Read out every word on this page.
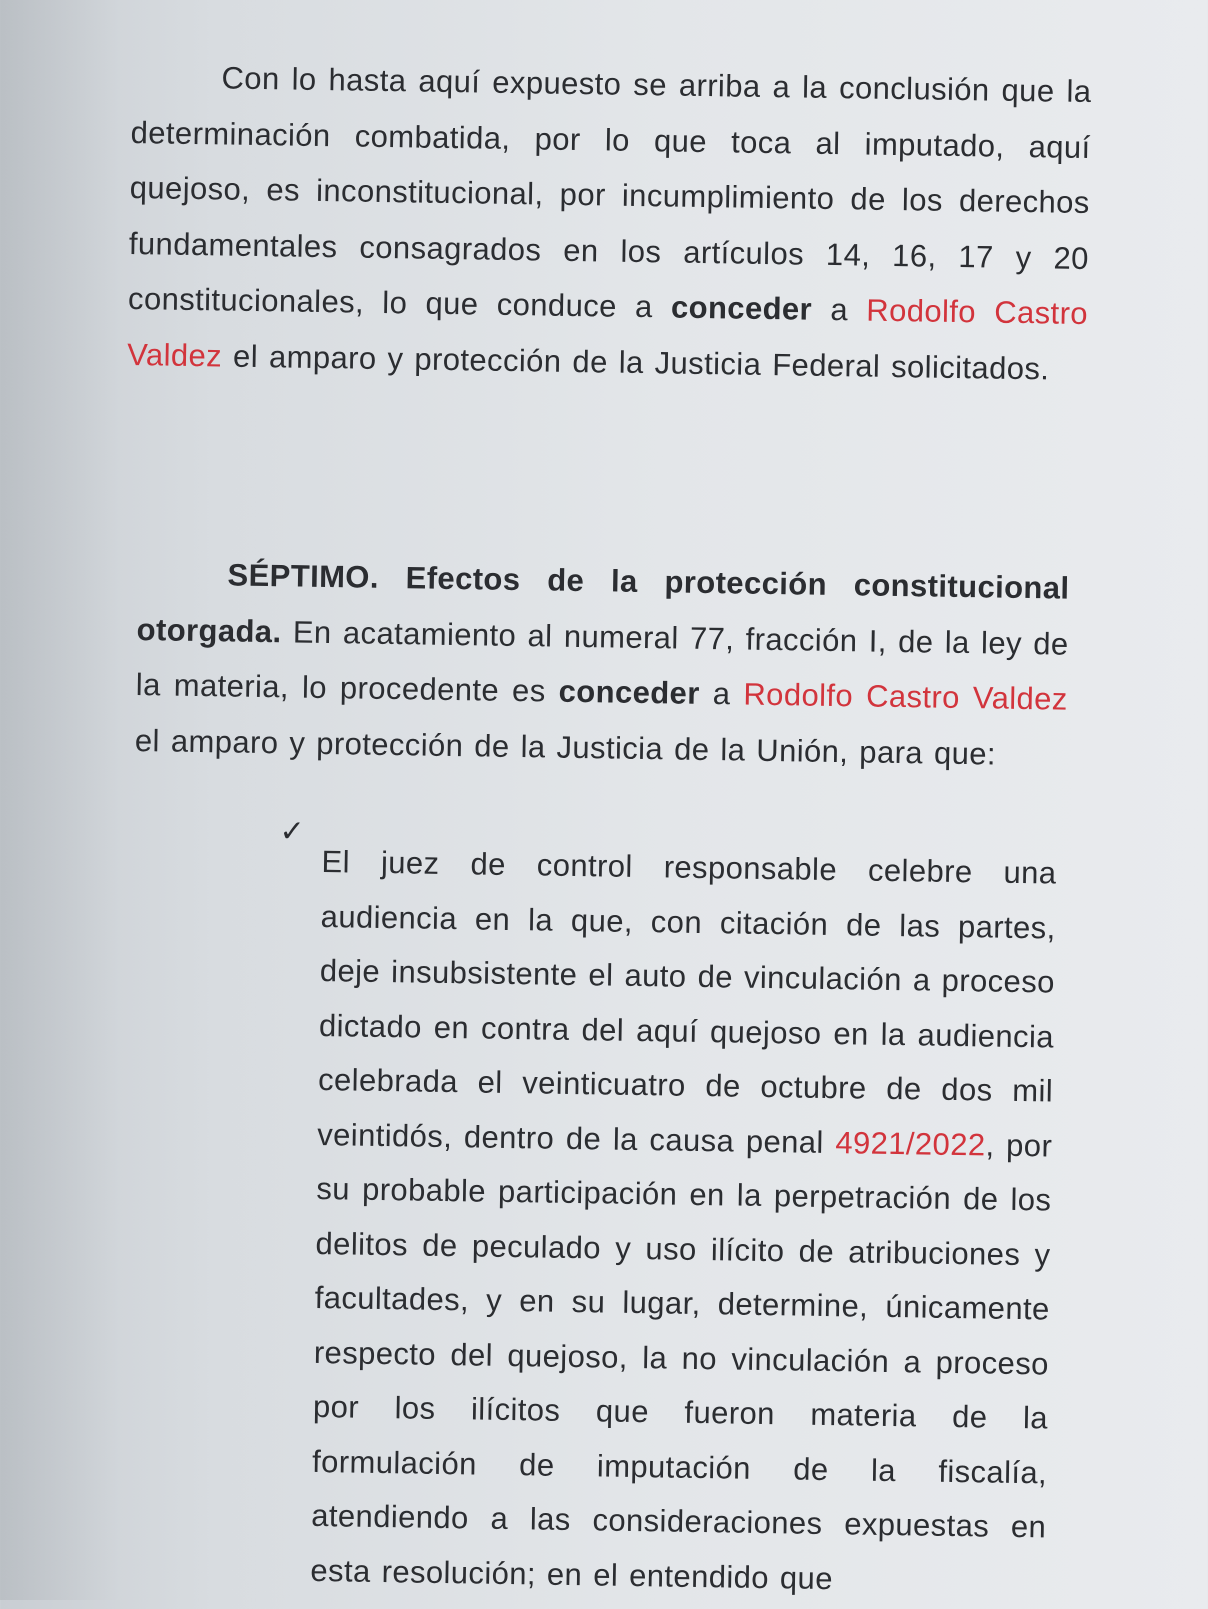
Con lo hasta aquí expuesto se arriba a la conclusión que la determinación combatida, por lo que toca al imputado, aquí quejoso, es inconstitucional, por incumplimiento de los derechos fundamentales consagrados en los artículos 14, 16, 17 y 20 constitucionales, lo que conduce a conceder a Rodolfo Castro Valdez el amparo y protección de la Justicia Federal solicitados.

SÉPTIMO. Efectos de la protección constitucional otorgada. En acatamiento al numeral 77, fracción I, de la ley de la materia, lo procedente es conceder a Rodolfo Castro Valdez el amparo y protección de la Justicia de la Unión, para que:

✓

El juez de control responsable celebre una audiencia en la que, con citación de las partes, deje insubsistente el auto de vinculación a proceso dictado en contra del aquí quejoso en la audiencia celebrada el veinticuatro de octubre de dos mil veintidós, dentro de la causa penal 4921/2022, por su probable participación en la perpetración de los delitos de peculado y uso ilícito de atribuciones y facultades, y en su lugar, determine, únicamente respecto del quejoso, la no vinculación a proceso por los ilícitos que fueron materia de la formulación de imputación de la fiscalía, atendiendo a las consideraciones expuestas en esta resolución; en el entendido que
